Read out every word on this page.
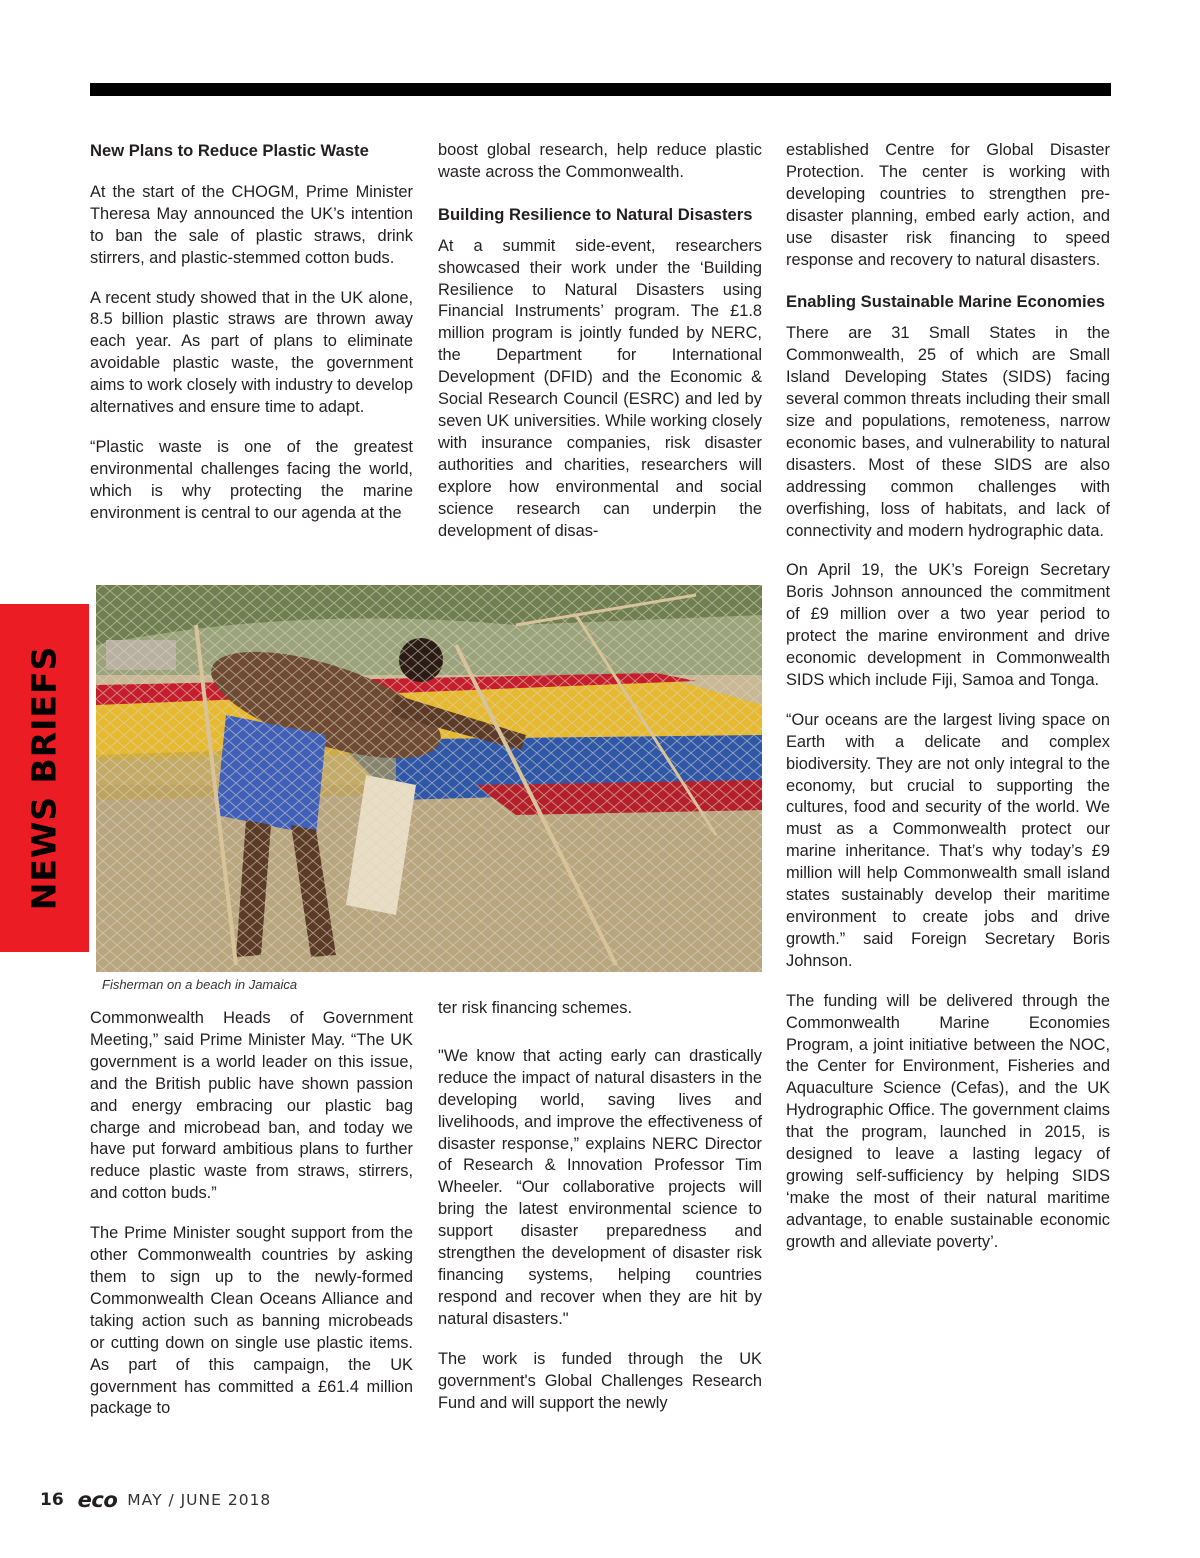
NEWS BRIEFS
New Plans to Reduce Plastic Waste

At the start of the CHOGM, Prime Minister Theresa May announced the UK’s intention to ban the sale of plastic straws, drink stirrers, and plastic-stemmed cotton buds.

A recent study showed that in the UK alone, 8.5 billion plastic straws are thrown away each year. As part of plans to eliminate avoidable plastic waste, the government aims to work closely with industry to develop alternatives and ensure time to adapt.

“Plastic waste is one of the greatest environmental challenges facing the world, which is why protecting the marine environment is central to our agenda at the

boost global research, help reduce plastic waste across the Commonwealth.

Building Resilience to Natural Disasters

At a summit side-event, researchers showcased their work under the ‘Building Resilience to Natural Disasters using Financial Instruments’ program. The £1.8 million program is jointly funded by NERC, the Department for International Development (DFID) and the Economic & Social Research Council (ESRC) and led by seven UK universities. While working closely with insurance companies, risk disaster authorities and charities, researchers will explore how environmental and social science research can underpin the development of disas-

established Centre for Global Disaster Protection. The center is working with developing countries to strengthen pre-disaster planning, embed early action, and use disaster risk financing to speed response and recovery to natural disasters.

Enabling Sustainable Marine Economies

There are 31 Small States in the Commonwealth, 25 of which are Small Island Developing States (SIDS) facing several common threats including their small size and populations, remoteness, narrow economic bases, and vulnerability to natural disasters. Most of these SIDS are also addressing common challenges with overfishing, loss of habitats, and lack of connectivity and modern hydrographic data.

On April 19, the UK’s Foreign Secretary Boris Johnson announced the commitment of £9 million over a two year period to protect the marine environment and drive economic development in Commonwealth SIDS which include Fiji, Samoa and Tonga.

“Our oceans are the largest living space on Earth with a delicate and complex biodiversity. They are not only integral to the economy, but crucial to supporting the cultures, food and security of the world. We must as a Commonwealth protect our marine inheritance. That’s why today’s £9 million will help Commonwealth small island states sustainably develop their maritime environment to create jobs and drive growth.” said Foreign Secretary Boris Johnson.

The funding will be delivered through the Commonwealth Marine Economies Program, a joint initiative between the NOC, the Center for Environment, Fisheries and Aquaculture Science (Cefas), and the UK Hydrographic Office. The government claims that the program, launched in 2015, is designed to leave a lasting legacy of growing self-sufficiency by helping SIDS ‘make the most of their natural maritime advantage, to enable sustainable economic growth and alleviate poverty’.

Fisherman on a beach in Jamaica

Commonwealth Heads of Government Meeting,” said Prime Minister May. “The UK government is a world leader on this issue, and the British public have shown passion and energy embracing our plastic bag charge and microbead ban, and today we have put forward ambitious plans to further reduce plastic waste from straws, stirrers, and cotton buds.”

The Prime Minister sought support from the other Commonwealth countries by asking them to sign up to the newly-formed Commonwealth Clean Oceans Alliance and taking action such as banning microbeads or cutting down on single use plastic items. As part of this campaign, the UK government has committed a £61.4 million package to

ter risk financing schemes.

"We know that acting early can drastically reduce the impact of natural disasters in the developing world, saving lives and livelihoods, and improve the effectiveness of disaster response,” explains NERC Director of Research & Innovation Professor Tim Wheeler. “Our collaborative projects will bring the latest environmental science to support disaster preparedness and strengthen the development of disaster risk financing systems, helping countries respond and recover when they are hit by natural disasters."

The work is funded through the UK government's Global Challenges Research Fund and will support the newly

16 eco MAY / JUNE 2018
